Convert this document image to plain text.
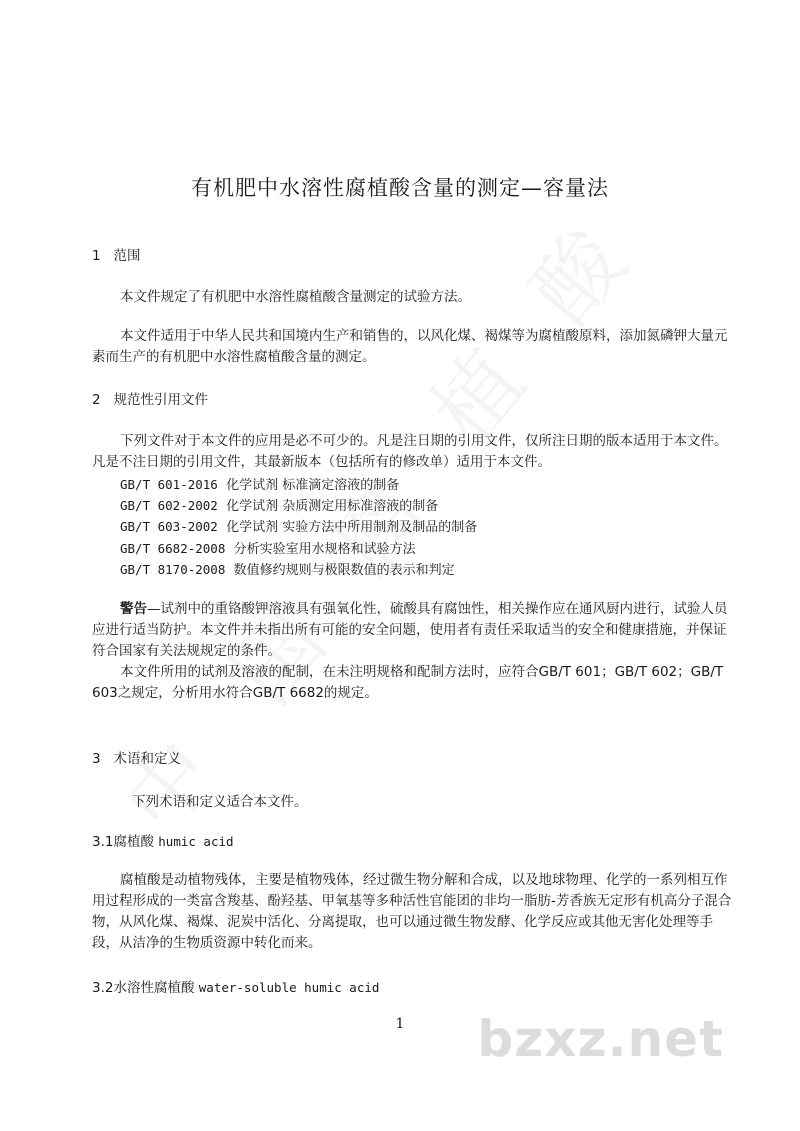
有机肥中水溶性腐植酸含量的测定—容量法
1 范围
本文件规定了有机肥中水溶性腐植酸含量测定的试验方法。
本文件适用于中华人民共和国境内生产和销售的，以风化煤、褐煤等为腐植酸原料，添加氮磷钾大量元素而生产的有机肥中水溶性腐植酸含量的测定。
2 规范性引用文件
下列文件对于本文件的应用是必不可少的。凡是注日期的引用文件，仅所注日期的版本适用于本文件。凡是不注日期的引用文件，其最新版本（包括所有的修改单）适用于本文件。
GB/T 601-2016 化学试剂 标准滴定溶液的制备
GB/T 602-2002 化学试剂 杂质测定用标准溶液的制备
GB/T 603-2002 化学试剂 实验方法中所用制剂及制品的制备
GB/T 6682-2008 分析实验室用水规格和试验方法
GB/T 8170-2008 数值修约规则与极限数值的表示和判定
警告—试剂中的重铬酸钾溶液具有强氧化性，硫酸具有腐蚀性，相关操作应在通风厨内进行，试验人员应进行适当防护。本文件并未指出所有可能的安全问题，使用者有责任采取适当的安全和健康措施，并保证符合国家有关法规规定的条件。
本文件所用的试剂及溶液的配制，在未注明规格和配制方法时，应符合GB/T 601；GB/T 602；GB/T 603之规定，分析用水符合GB/T 6682的规定。
3 术语和定义
下列术语和定义适合本文件。
3.1腐植酸 humic acid
腐植酸是动植物残体，主要是植物残体，经过微生物分解和合成，以及地球物理、化学的一系列相互作用过程形成的一类富含羧基、酚羟基、甲氧基等多种活性官能团的非均一脂肪-芳香族无定形有机高分子混合物，从风化煤、褐煤、泥炭中活化、分离提取，也可以通过微生物发酵、化学反应或其他无害化处理等手段，从洁净的生物质资源中转化而来。
3.2水溶性腐植酸 water-soluble humic acid
1	bzxz.net
